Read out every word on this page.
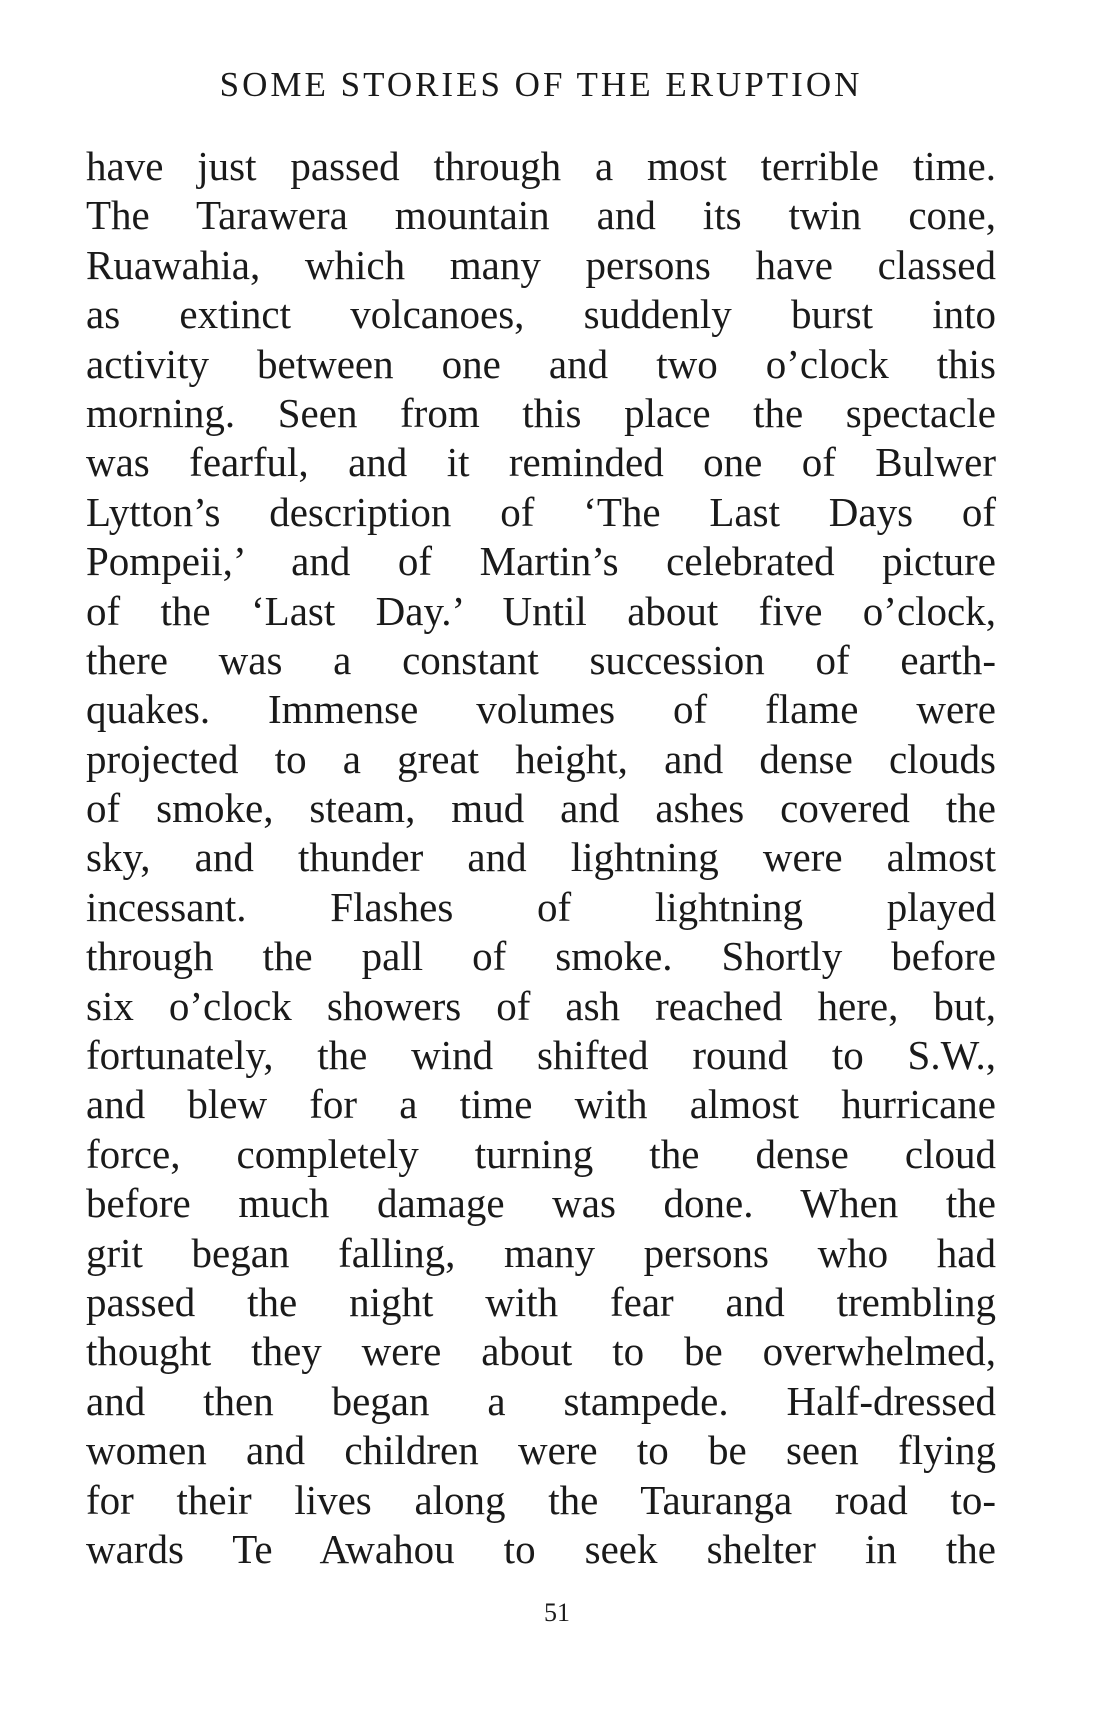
SOME STORIES OF THE ERUPTION
have just passed through a most terrible time.
The Tarawera mountain and its twin cone,
Ruawahia, which many persons have classed
as extinct volcanoes, suddenly burst into
activity between one and two o’clock this
morning. Seen from this place the spectacle
was fearful, and it reminded one of Bulwer
Lytton’s description of ‘The Last Days of
Pompeii,’ and of Martin’s celebrated picture
of the ‘Last Day.’ Until about five o’clock,
there was a constant succession of earth-
quakes. Immense volumes of flame were
projected to a great height, and dense clouds
of smoke, steam, mud and ashes covered the
sky, and thunder and lightning were almost
incessant. Flashes of lightning played
through the pall of smoke. Shortly before
six o’clock showers of ash reached here, but,
fortunately, the wind shifted round to S.W.,
and blew for a time with almost hurricane
force, completely turning the dense cloud
before much damage was done. When the
grit began falling, many persons who had
passed the night with fear and trembling
thought they were about to be overwhelmed,
and then began a stampede. Half-dressed
women and children were to be seen flying
for their lives along the Tauranga road to-
wards Te Awahou to seek shelter in the
51
